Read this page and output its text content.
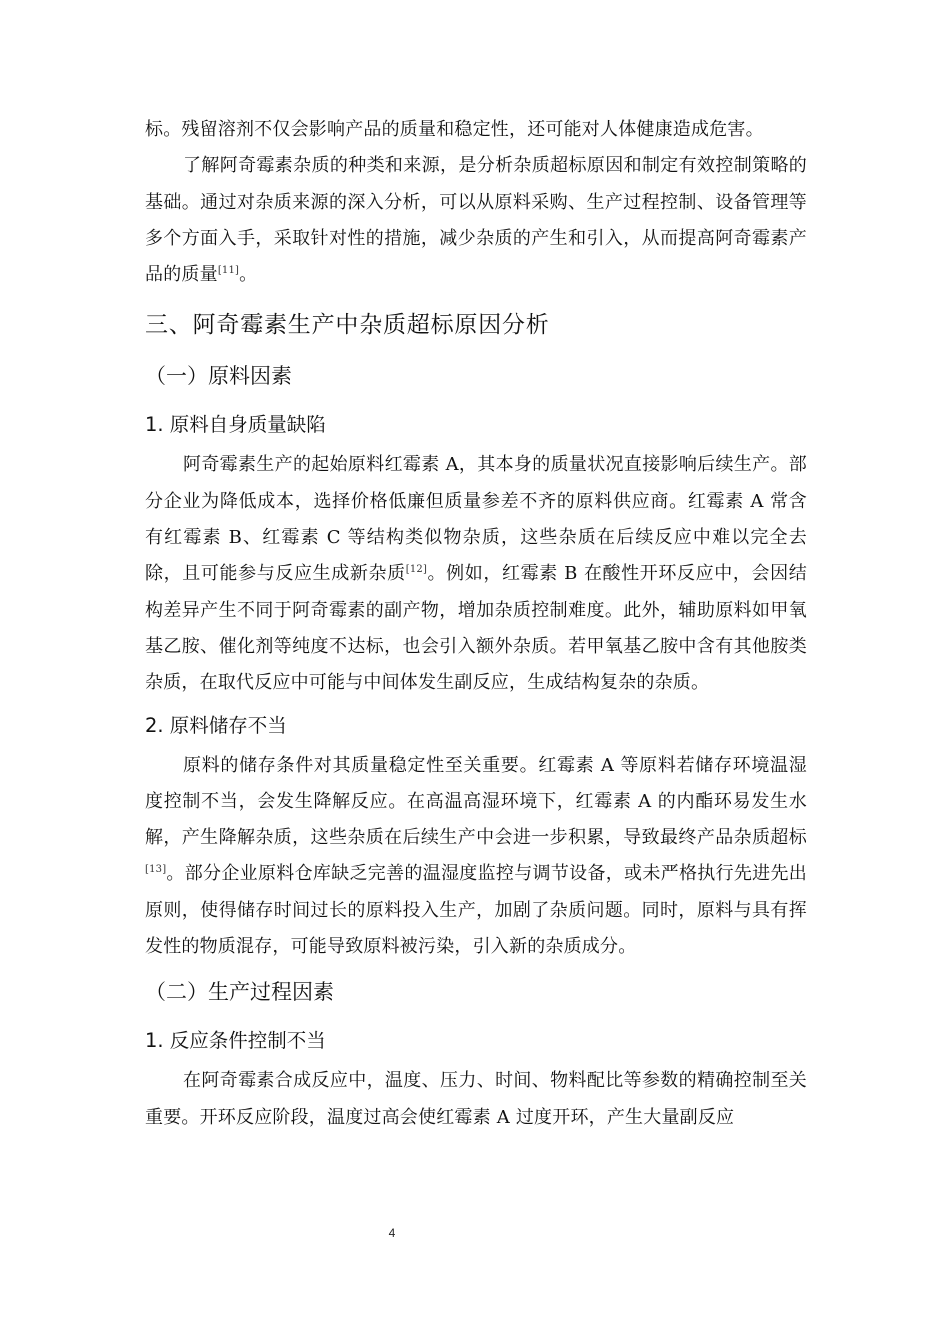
标。残留溶剂不仅会影响产品的质量和稳定性，还可能对人体健康造成危害。

了解阿奇霉素杂质的种类和来源，是分析杂质超标原因和制定有效控制策略的基础。通过对杂质来源的深入分析，可以从原料采购、生产过程控制、设备管理等多个方面入手，采取针对性的措施，减少杂质的产生和引入，从而提高阿奇霉素产品的质量[11]。

三、阿奇霉素生产中杂质超标原因分析
（一）原料因素
1. 原料自身质量缺陷

阿奇霉素生产的起始原料红霉素 A，其本身的质量状况直接影响后续生产。部分企业为降低成本，选择价格低廉但质量参差不齐的原料供应商。红霉素 A 常含有红霉素 B、红霉素 C 等结构类似物杂质，这些杂质在后续反应中难以完全去除，且可能参与反应生成新杂质[12]。例如，红霉素 B 在酸性开环反应中，会因结构差异产生不同于阿奇霉素的副产物，增加杂质控制难度。此外，辅助原料如甲氧基乙胺、催化剂等纯度不达标，也会引入额外杂质。若甲氧基乙胺中含有其他胺类杂质，在取代反应中可能与中间体发生副反应，生成结构复杂的杂质。

2. 原料储存不当

原料的储存条件对其质量稳定性至关重要。红霉素 A 等原料若储存环境温湿度控制不当，会发生降解反应。在高温高湿环境下，红霉素 A 的内酯环易发生水解，产生降解杂质，这些杂质在后续生产中会进一步积累，导致最终产品杂质超标[13]。部分企业原料仓库缺乏完善的温湿度监控与调节设备，或未严格执行先进先出原则，使得储存时间过长的原料投入生产，加剧了杂质问题。同时，原料与具有挥发性的物质混存，可能导致原料被污染，引入新的杂质成分。

（二）生产过程因素
1. 反应条件控制不当

在阿奇霉素合成反应中，温度、压力、时间、物料配比等参数的精确控制至关重要。开环反应阶段，温度过高会使红霉素 A 过度开环，产生大量副反应

4
